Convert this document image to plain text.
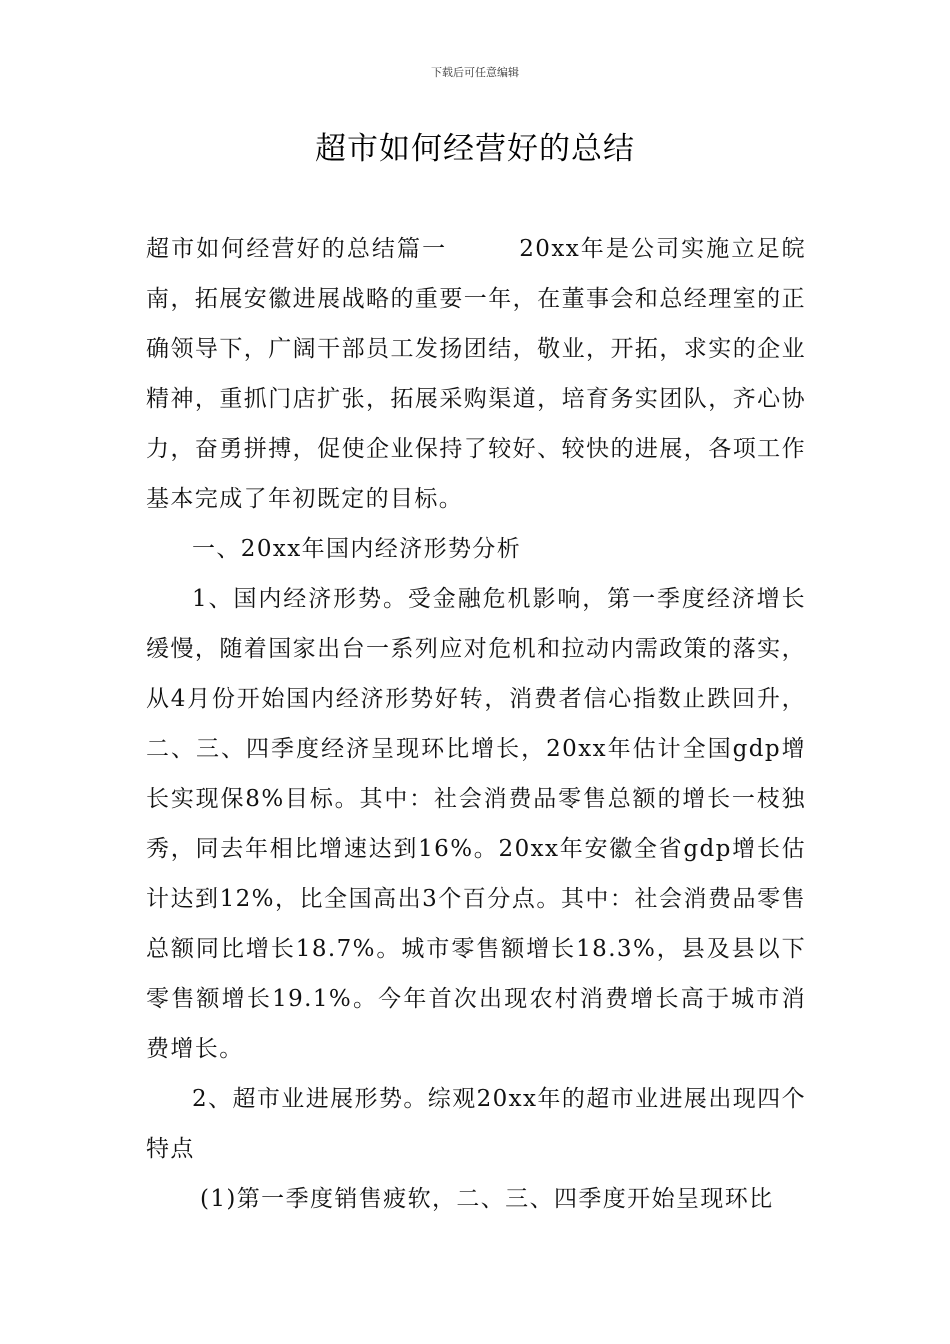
下载后可任意编辑
超市如何经营好的总结

超市如何经营好的总结篇一	20xx年是公司实施立足皖南，拓展安徽进展战略的重要一年，在董事会和总经理室的正确领导下，广阔干部员工发扬团结，敬业，开拓，求实的企业精神，重抓门店扩张，拓展采购渠道，培育务实团队，齐心协力，奋勇拼搏，促使企业保持了较好、较快的进展，各项工作基本完成了年初既定的目标。

一、20xx年国内经济形势分析

1、国内经济形势。受金融危机影响，第一季度经济增长缓慢，随着国家出台一系列应对危机和拉动内需政策的落实，从4月份开始国内经济形势好转，消费者信心指数止跌回升，二、三、四季度经济呈现环比增长，20xx年估计全国gdp增长实现保8%目标。其中：社会消费品零售总额的增长一枝独秀，同去年相比增速达到16%。20xx年安徽全省gdp增长估计达到12%，比全国高出3个百分点。其中：社会消费品零售总额同比增长18.7%。城市零售额增长18.3%，县及县以下零售额增长19.1%。今年首次出现农村消费增长高于城市消费增长。

2、超市业进展形势。综观20xx年的超市业进展出现四个特点

(1)第一季度销售疲软，二、三、四季度开始呈现环比
